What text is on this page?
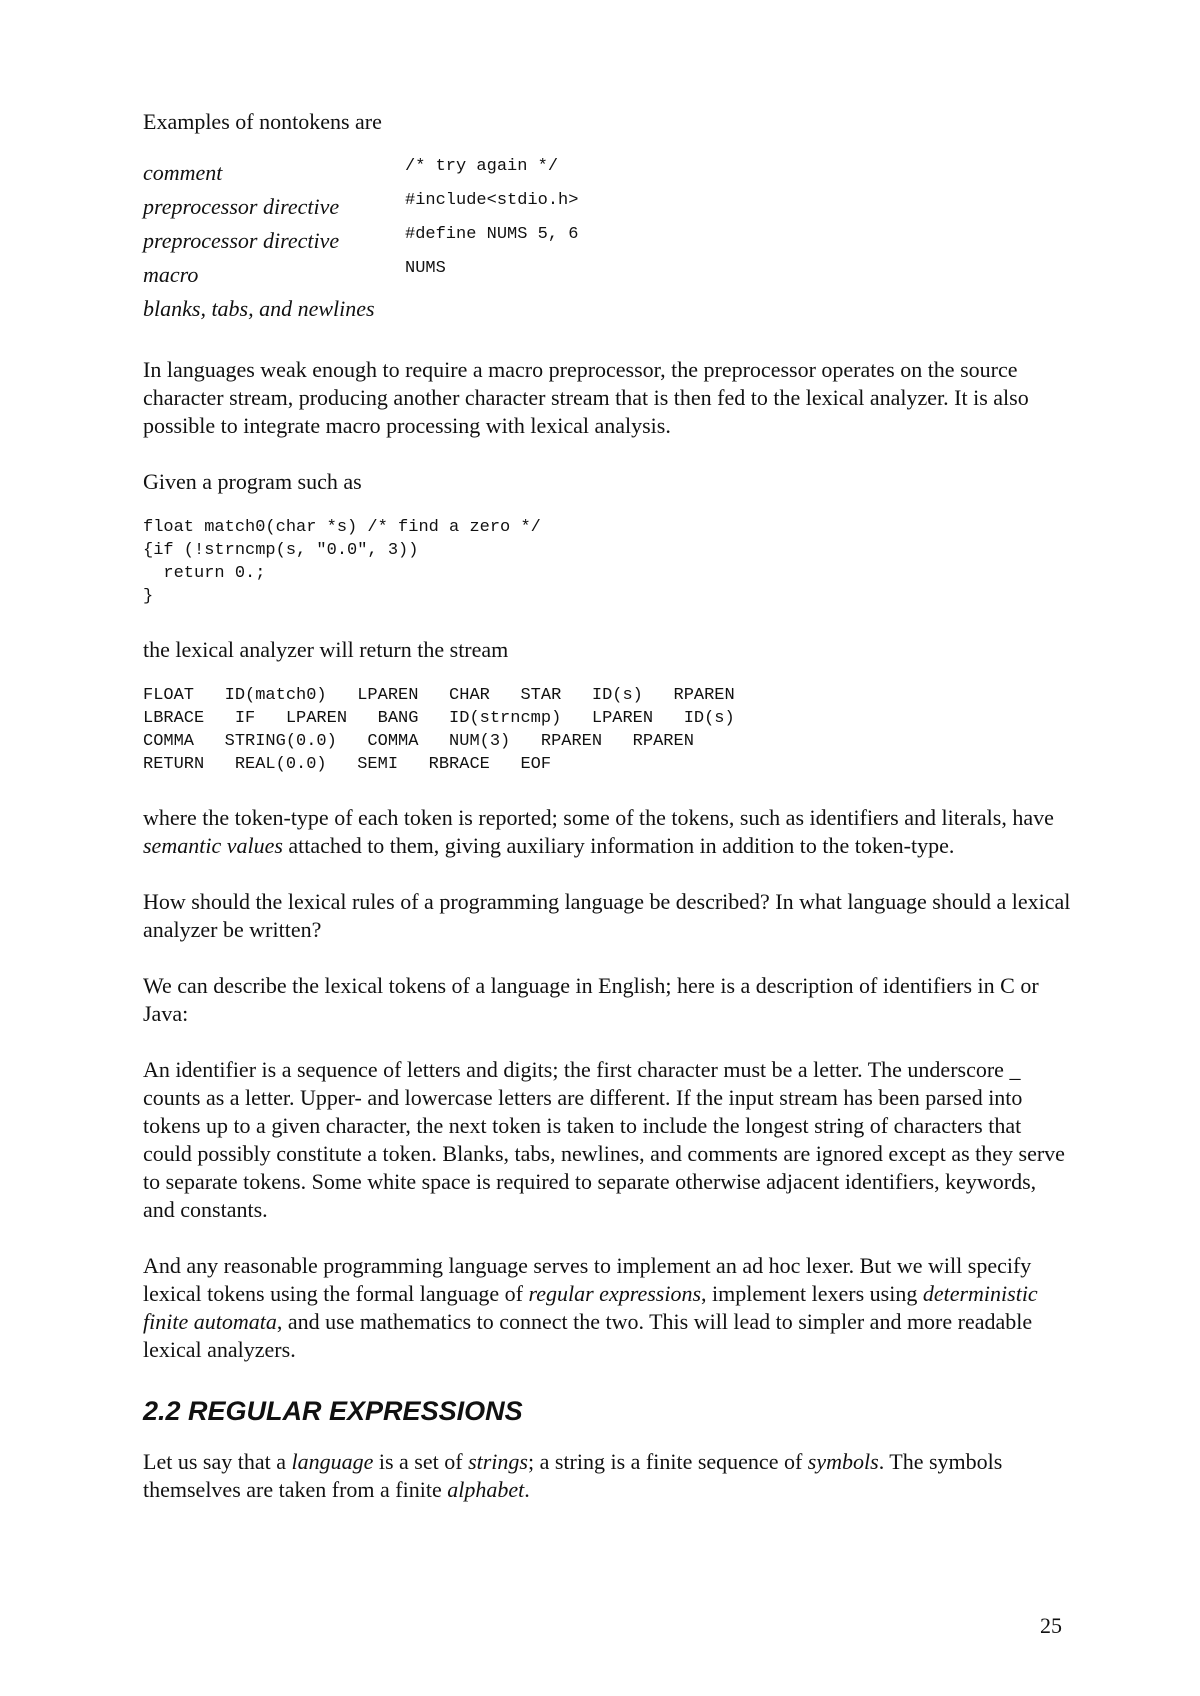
Examples of nontokens are

comment	/* try again */
preprocessor directive	#include<stdio.h>
preprocessor directive	#define NUMS 5, 6
macro	NUMS
blanks, tabs, and newlines

In languages weak enough to require a macro preprocessor, the preprocessor operates on the source character stream, producing another character stream that is then fed to the lexical analyzer. It is also possible to integrate macro processing with lexical analysis.

Given a program such as

float match0(char *s) /* find a zero */
{if (!strncmp(s, "0.0", 3))
return 0.;
}

the lexical analyzer will return the stream

FLOAT   ID(match0)   LPAREN   CHAR   STAR   ID(s)   RPAREN
LBRACE   IF   LPAREN   BANG   ID(strncmp)   LPAREN   ID(s)
COMMA   STRING(0.0)   COMMA   NUM(3)   RPAREN   RPAREN
RETURN   REAL(0.0)   SEMI   RBRACE   EOF

where the token-type of each token is reported; some of the tokens, such as identifiers and literals, have semantic values attached to them, giving auxiliary information in addition to the token-type.

How should the lexical rules of a programming language be described? In what language should a lexical analyzer be written?

We can describe the lexical tokens of a language in English; here is a description of identifiers in C or Java:

An identifier is a sequence of letters and digits; the first character must be a letter. The underscore _ counts as a letter. Upper- and lowercase letters are different. If the input stream has been parsed into tokens up to a given character, the next token is taken to include the longest string of characters that could possibly constitute a token. Blanks, tabs, newlines, and comments are ignored except as they serve to separate tokens. Some white space is required to separate otherwise adjacent identifiers, keywords, and constants.

And any reasonable programming language serves to implement an ad hoc lexer. But we will specify lexical tokens using the formal language of regular expressions, implement lexers using deterministic finite automata, and use mathematics to connect the two. This will lead to simpler and more readable lexical analyzers.

2.2 REGULAR EXPRESSIONS

Let us say that a language is a set of strings; a string is a finite sequence of symbols. The symbols themselves are taken from a finite alphabet.

25
